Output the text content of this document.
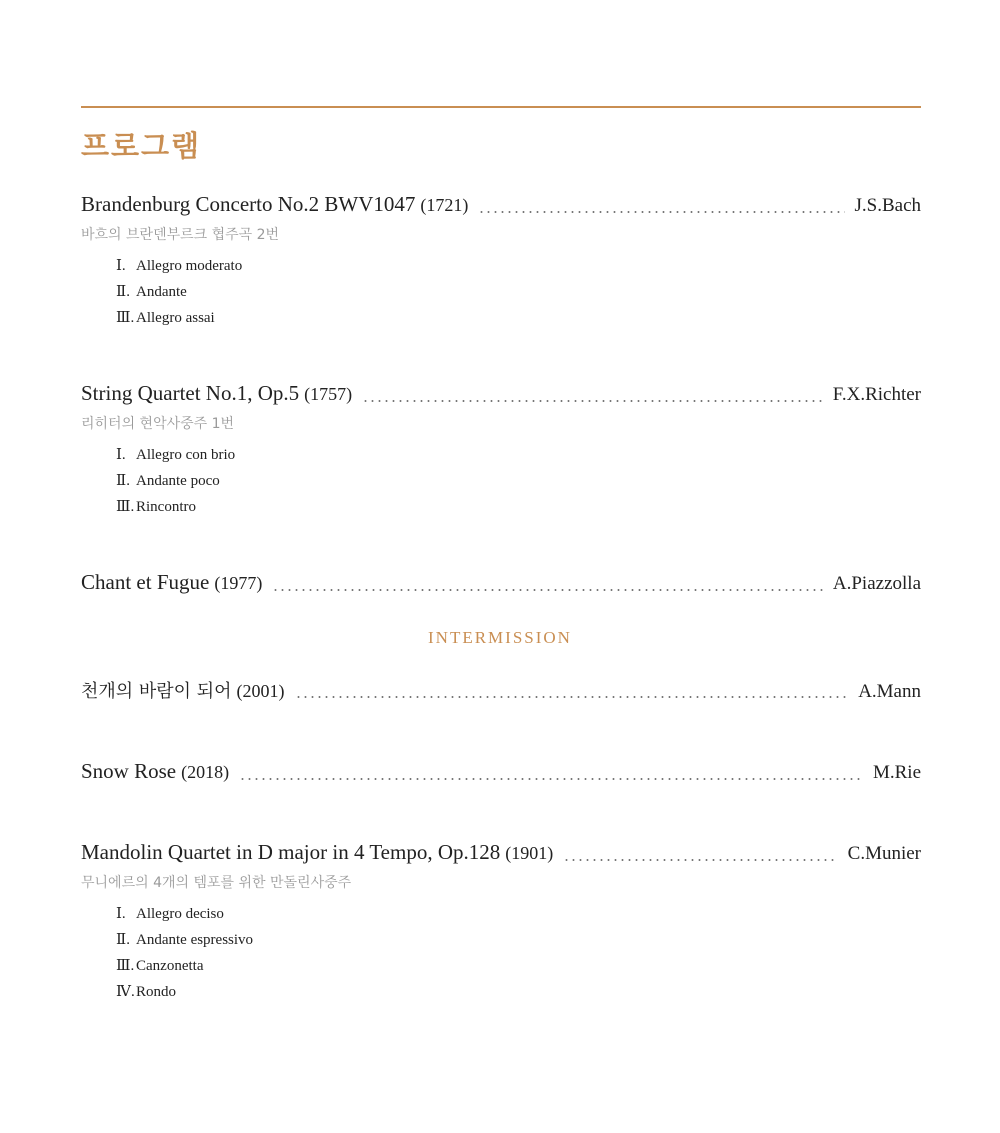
프로그램
Brandenburg Concerto No.2 BWV1047 (1721)	J.S.Bach
바흐의 브란덴부르크 협주곡 2번
Ⅰ. Allegro moderato
Ⅱ. Andante
Ⅲ. Allegro assai
String Quartet No.1, Op.5 (1757)	F.X.Richter
리히터의 현악사중주 1번
Ⅰ. Allegro con brio
Ⅱ. Andante poco
Ⅲ. Rincontro
Chant et Fugue (1977)	A.Piazzolla
INTERMISSION
천개의 바람이 되어 (2001)	A.Mann
Snow Rose (2018)	M.Rie
Mandolin Quartet in D major in 4 Tempo, Op.128 (1901)	C.Munier
무니에르의 4개의 템포를 위한 만돌린사중주
Ⅰ. Allegro deciso
Ⅱ. Andante espressivo
Ⅲ. Canzonetta
Ⅳ.Rondo
